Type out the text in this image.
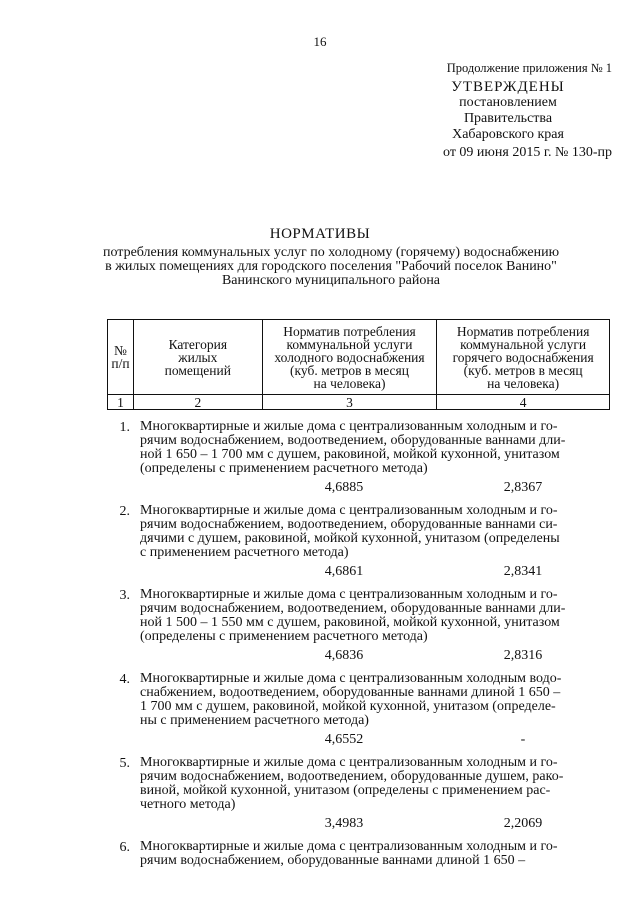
16
Продолжение приложения № 1
УТВЕРЖДЕНЫ
постановлением
Правительства
Хабаровского края
от 09 июня 2015 г. № 130-пр
НОРМАТИВЫ
потребления коммунальных услуг по холодному (горячему) водоснабжению
в жилых помещениях для городского поселения "Рабочий поселок Ванино"
Ванинского муниципального района
№
п/п	Категория
жилых
помещений	Норматив потребления
коммунальной услуги
холодного водоснабжения
(куб. метров в месяц
на человека)	Норматив потребления
коммунальной услуги
горячего водоснабжения
(куб. метров в месяц
на человека)
1	2	3	4
1. Многоквартирные и жилые дома с централизованным холодным и го-
рячим водоснабжением, водоотведением, оборудованные ваннами дли-
ной 1 650 – 1 700 мм с душем, раковиной, мойкой кухонной, унитазом
(определены с применением расчетного метода)
4,6885	2,8367
2. Многоквартирные и жилые дома с централизованным холодным и го-
рячим водоснабжением, водоотведением, оборудованные ваннами си-
дячими с душем, раковиной, мойкой кухонной, унитазом (определены
с применением расчетного метода)
4,6861	2,8341
3. Многоквартирные и жилые дома с централизованным холодным и го-
рячим водоснабжением, водоотведением, оборудованные ваннами дли-
ной 1 500 – 1 550 мм с душем, раковиной, мойкой кухонной, унитазом
(определены с применением расчетного метода)
4,6836	2,8316
4. Многоквартирные и жилые дома с централизованным холодным водо-
снабжением, водоотведением, оборудованные ваннами длиной 1 650 –
1 700 мм с душем, раковиной, мойкой кухонной, унитазом (определе-
ны с применением расчетного метода)
4,6552	-
5. Многоквартирные и жилые дома с централизованным холодным и го-
рячим водоснабжением, водоотведением, оборудованные душем, рако-
виной, мойкой кухонной, унитазом (определены с применением рас-
четного метода)
3,4983	2,2069
6. Многоквартирные и жилые дома с централизованным холодным и го-
рячим водоснабжением, оборудованные ваннами длиной 1 650 –
